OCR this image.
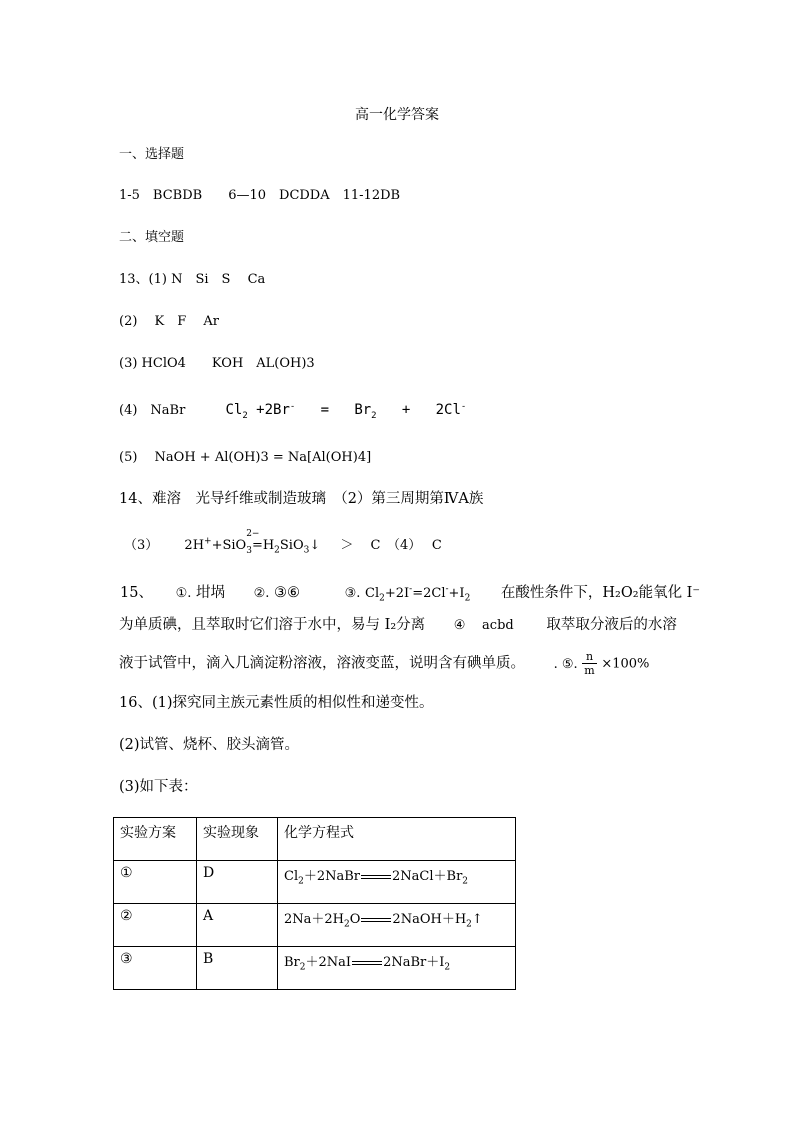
高一化学答案
一、选择题
1-5　BCBDB　　6—10　DCDDA　11-12DB
二、填空题
13、(1) N　Si　S　 Ca
(2)　 K　F　 Ar
(3) HClO4　　KOH　AL(OH)3
(4)　NaBr	$Cl_2 +2Br^- = Br_2 + 2Cl^-$
(5)　 NaOH + Al(OH)3 = Na[Al(OH)4]
14、难溶　光导纤维或制造玻璃　（2）第三周期第ⅣA族
（3） 2H++SiO
$_{2- 3}=H_2SiO_3↓$ ＞　 C　（4）　 C
15、 ①. 坩埚 ②. ③⑥	③. $Cl_2+2I^-=2Cl^-+I_2$ 在酸性条件下，H₂O₂能氧化 I⁻
为单质碘，且萃取时它们溶于水中，易与 I₂分离 ④ acbd 取萃取分液后的水溶
液于试管中，滴入几滴淀粉溶液，溶液变蓝，说明含有碘单质。 . ⑤. $\frac{n}{m} \times 100\%$
16、(1)探究同主族元素性质的相似性和递变性。
(2)试管、烧杯、胶头滴管。
(3)如下表：
实验方案	实验现象	化学方程式
①	D	$Cl_2+2NaBr$ $2NaCl+Br_2$
②	A	$2Na+2H_2O$ $2NaOH+H_2↑$
③	B	$Br_2+2NaI$ $2NaBr+I_2$
